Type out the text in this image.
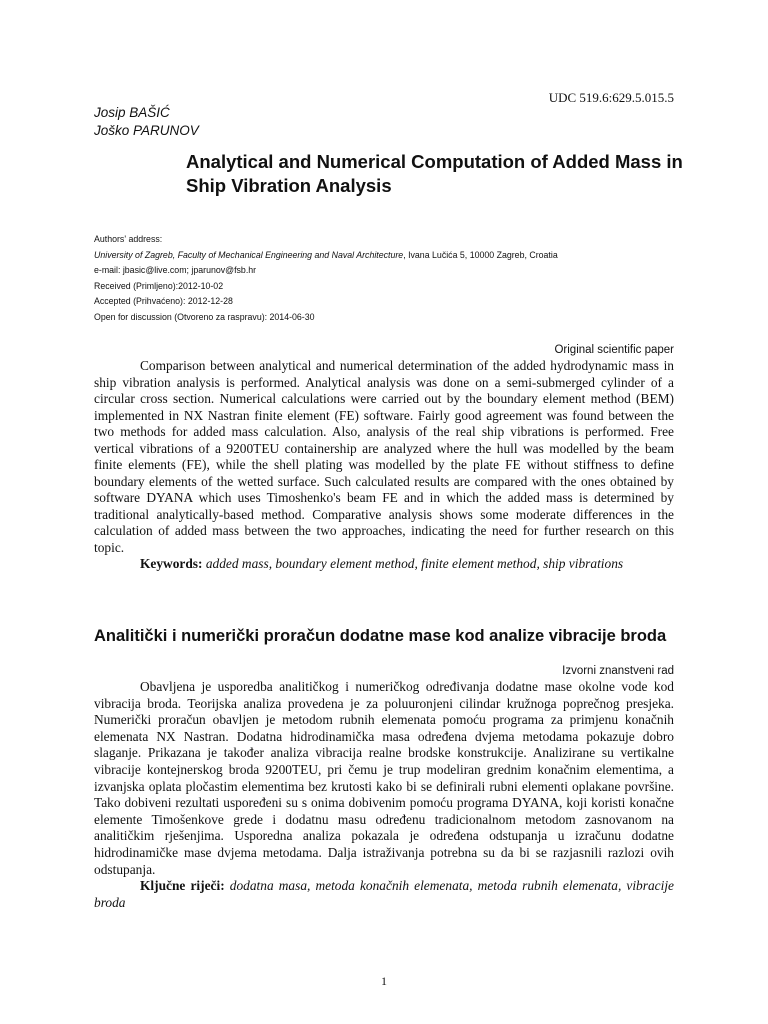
UDC 519.6:629.5.015.5
Josip BAŠIĆ
Joško PARUNOV
Analytical and Numerical Computation of Added Mass in Ship Vibration Analysis
Authors' address:
University of Zagreb, Faculty of Mechanical Engineering and Naval Architecture, Ivana Lučića 5, 10000 Zagreb, Croatia
e-mail: jbasic@live.com; jparunov@fsb.hr
Received (Primljeno):2012-10-02
Accepted (Prihvaćeno): 2012-12-28
Open for discussion (Otvoreno za raspravu): 2014-06-30
Original scientific paper

Comparison between analytical and numerical determination of the added hydrodynamic mass in ship vibration analysis is performed. Analytical analysis was done on a semi-submerged cylinder of a circular cross section. Numerical calculations were carried out by the boundary element method (BEM) implemented in NX Nastran finite element (FE) software. Fairly good agreement was found between the two methods for added mass calculation. Also, analysis of the real ship vibrations is performed. Free vertical vibrations of a 9200TEU containership are analyzed where the hull was modelled by the beam finite elements (FE), while the shell plating was modelled by the plate FE without stiffness to define boundary elements of the wetted surface. Such calculated results are compared with the ones obtained by software DYANA which uses Timoshenko's beam FE and in which the added mass is determined by traditional analytically-based method. Comparative analysis shows some moderate differences in the calculation of added mass between the two approaches, indicating the need for further research on this topic.

Keywords: added mass, boundary element method, finite element method, ship vibrations

Analitički i numerički proračun dodatne mase kod analize vibracije broda
Izvorni znanstveni rad

Obavljena je usporedba analitičkog i numeričkog određivanja dodatne mase okolne vode kod vibracija broda. Teorijska analiza provedena je za poluuronjeni cilindar kružnoga poprečnog presjeka. Numerički proračun obavljen je metodom rubnih elemenata pomoću programa za primjenu konačnih elemenata NX Nastran. Dodatna hidrodinamička masa određena dvjema metodama pokazuje dobro slaganje. Prikazana je također analiza vibracija realne brodske konstrukcije. Analizirane su vertikalne vibracije kontejnerskog broda 9200TEU, pri čemu je trup modeliran grednim konačnim elementima, a izvanjska oplata pločastim elementima bez krutosti kako bi se definirali rubni elementi oplakane površine. Tako dobiveni rezultati uspoređeni su s onima dobivenim pomoću programa DYANA, koji koristi konačne elemente Timošenkove grede i dodatnu masu određenu tradicionalnom metodom zasnovanom na analitičkim rješenjima. Usporedna analiza pokazala je određena odstupanja u izračunu dodatne hidrodinamičke mase dvjema metodama. Dalja istraživanja potrebna su da bi se razjasnili razlozi ovih odstupanja.

Ključne riječi: dodatna masa, metoda konačnih elemenata, metoda rubnih elemenata, vibracije broda

1
